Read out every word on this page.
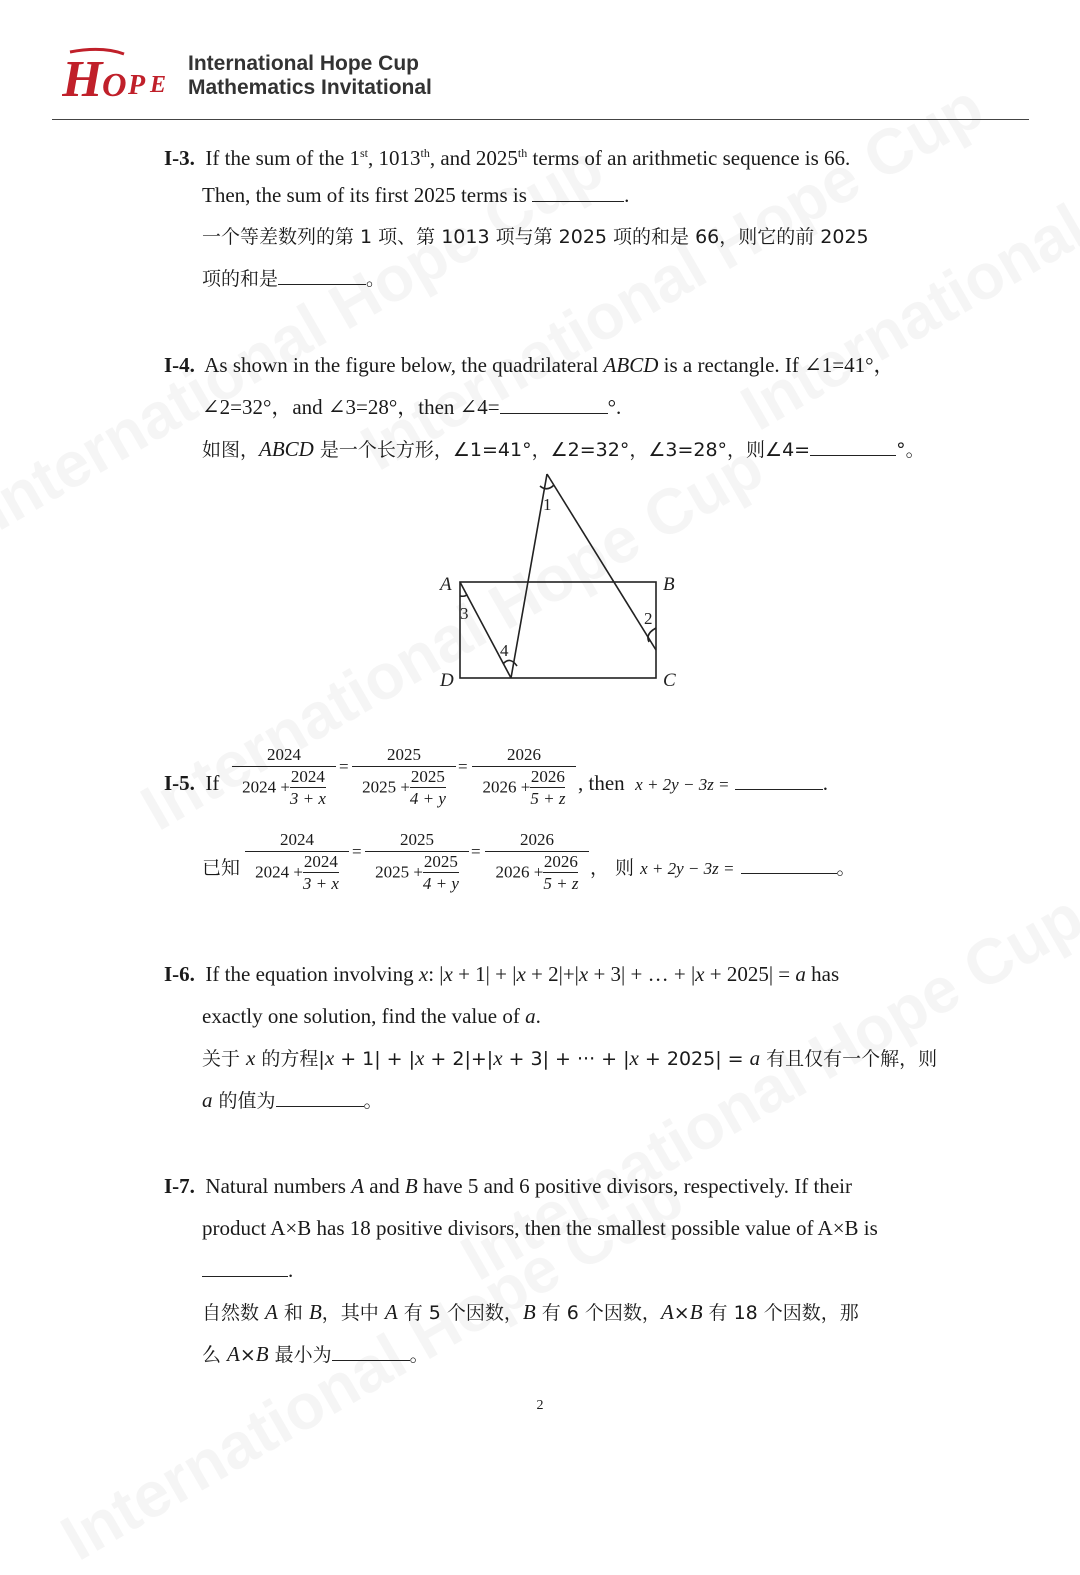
H O P E
International Hope Cup
Mathematics Invitational
I-3. If the sum of the 1st, 1013th, and 2025th terms of an arithmetic sequence is 66.
Then, the sum of its first 2025 terms is	.
一个等差数列的第 1 项、第 1013 项与第 2025 项的和是 66，则它的前 2025
项的和是	。
I-4. As shown in the figure below, the quadrilateral ABCD is a rectangle. If ∠1=41°，
∠2=32°，and ∠3=28°，then ∠4=	°.
如图，ABCD 是一个长方形，∠1=41°，∠2=32°，∠3=28°，则∠4=	°。
A	B
C
D
1
2
3
4
I-5. If $\frac{2024}{2024 + \frac{2024}{3 + x}} = \frac{2025}{2025 + \frac{2025}{4 + y}} = \frac{2026}{2026 + \frac{2026}{5 + z}}$ , then x + 2y − 3z =	.
已知 $\frac{2024}{2024 + \frac{2024}{3 + x}} = \frac{2025}{2025 + \frac{2025}{4 + y}} = \frac{2026}{2026 + \frac{2026}{5 + z}}$ ， 则 x + 2y − 3z =	。
I-6. If the equation involving x: |x + 1| + |x + 2|+|x + 3| + … + |x + 2025| = a has
exactly one solution, find the value of a.
关于 x 的方程|x + 1| + |x + 2|+|x + 3| + ··· + |x + 2025| = a 有且仅有一个解，则
a 的值为	。
I-7. Natural numbers A and B have 5 and 6 positive divisors, respectively. If their
product A×B has 18 positive divisors, then the smallest possible value of A×B is
.
自然数 A 和 B，其中 A 有 5 个因数，B 有 6 个因数，A×B 有 18 个因数，那
么 A×B 最小为	。
2
